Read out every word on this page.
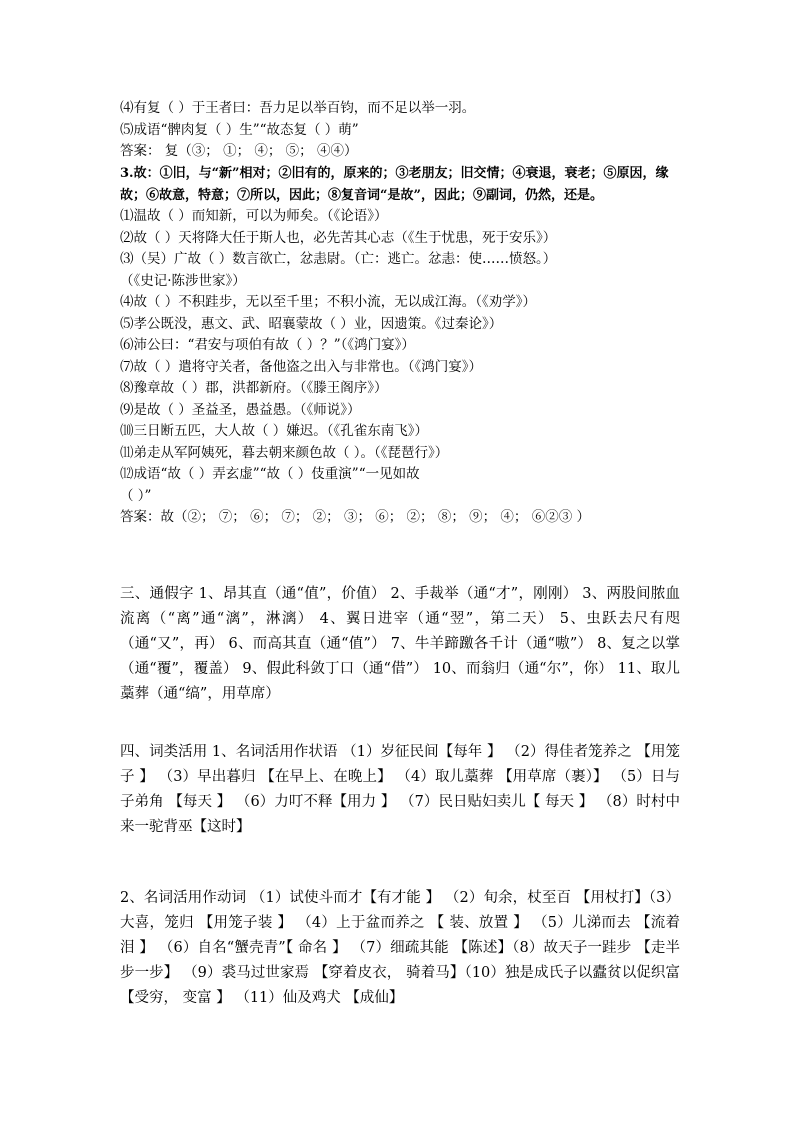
⑷有复（ ）于王者曰：吾力足以举百钧，而不足以举一羽。
⑸成语“髀肉复（ ）生”“故态复（ ）萌”
答案： 复（③； ①； ④； ⑤； ④④）
3.故：①旧，与“新”相对；②旧有的，原来的；③老朋友；旧交情；④衰退，衰老；⑤原因，缘故；⑥故意，特意；⑦所以，因此；⑧复音词“是故”，因此；⑨副词，仍然，还是。
⑴温故（ ）而知新，可以为师矣。（《论语》）
⑵故（ ）天将降大任于斯人也，必先苦其心志（《生于忧患，死于安乐》）
⑶（吴）广故（ ）数言欲亡，忿恚尉。（亡：逃亡。忿恚：使……愤怒。）
（《史记·陈涉世家》）
⑷故（ ）不积跬步，无以至千里；不积小流，无以成江海。（《劝学》）
⑸孝公既没，惠文、武、昭襄蒙故（ ）业，因遗策。《过秦论》）
⑹沛公曰：“君安与项伯有故（ ）？”（《鸿门宴》）
⑺故（ ）遣将守关者，备他盗之出入与非常也。（《鸿门宴》）
⑻豫章故（ ）郡，洪都新府。（《滕王阁序》）
⑼是故（ ）圣益圣，愚益愚。（《师说》）
⑽三日断五匹，大人故（ ）嫌迟。（《孔雀东南飞》）
⑾弟走从军阿姨死，暮去朝来颜色故（ ）。（《琵琶行》）
⑿成语“故（ ）弄玄虚”“故（ ）伎重演”“一见如故
（ ）”
答案：故（②； ⑦； ⑥； ⑦； ②； ③； ⑥； ②； ⑧； ⑨； ④； ⑥②③ ）
三、通假字 1、昂其直（通“值”，价值） 2、手裁举（通“才”，刚刚） 3、两股间脓血流离（“离”通“漓”，淋漓） 4、翼日进宰（通“翌”，第二天） 5、虫跃去尺有咫（通“又”，再） 6、而高其直（通“值”） 7、牛羊蹄躈各千计（通“嗷”） 8、复之以掌 （通“覆”，覆盖） 9、假此科敛丁口（通“借”） 10、而翁归（通“尔”，你） 11、取儿藁葬（通“缟”，用草席）
四、词类活用 1、名词活用作状语 （1）岁征民间【每年 】 （2）得佳者笼养之 【用笼子 】 （3）早出暮归 【在早上、在晚上】 （4）取儿藁葬 【用草席（裹）】 （5）日与子弟角 【每天 】 （6）力叮不释【用力 】 （7）民日贴妇卖儿【 每天 】 （8）时村中来一驼背巫【这时】
2、名词活用作动词 （1）试使斗而才【有才能 】 （2）旬余，杖至百 【用杖打】（3）大喜，笼归 【用笼子装 】 （4）上于盆而养之 【 装、放置 】 （5）儿涕而去 【流着泪 】 （6）自名“蟹壳青”【 命名 】 （7）细疏其能 【陈述】（8）故天子一跬步 【走半步一步】 （9）裘马过世家焉 【穿着皮衣， 骑着马】（10）独是成氏子以蠹贫以促织富【受穷， 变富 】 （11）仙及鸡犬 【成仙】
